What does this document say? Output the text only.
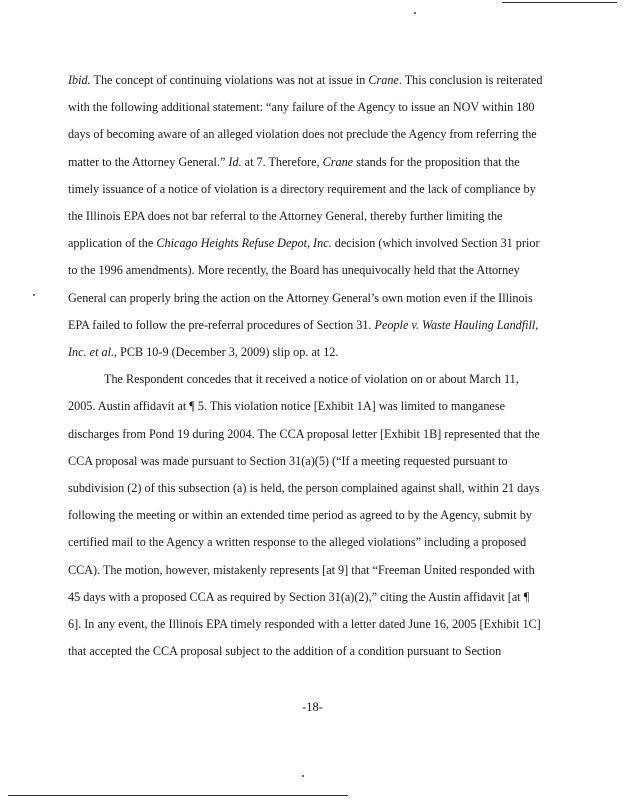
Ibid. The concept of continuing violations was not at issue in Crane. This conclusion is reiterated
with the following additional statement: “any failure of the Agency to issue an NOV within 180
days of becoming aware of an alleged violation does not preclude the Agency from referring the
matter to the Attorney General.” Id. at 7. Therefore, Crane stands for the proposition that the
timely issuance of a notice of violation is a directory requirement and the lack of compliance by
the Illinois EPA does not bar referral to the Attorney General, thereby further limiting the
application of the Chicago Heights Refuse Depot, Inc. decision (which involved Section 31 prior
to the 1996 amendments). More recently, the Board has unequivocally held that the Attorney
General can properly bring the action on the Attorney General’s own motion even if the Illinois
EPA failed to follow the pre-referral procedures of Section 31. People v. Waste Hauling Landfill,
Inc. et al., PCB 10-9 (December 3, 2009) slip op. at 12.
The Respondent concedes that it received a notice of violation on or about March 11,
2005. Austin affidavit at ¶ 5. This violation notice [Exhibit 1A] was limited to manganese
discharges from Pond 19 during 2004. The CCA proposal letter [Exhibit 1B] represented that the
CCA proposal was made pursuant to Section 31(a)(5) (“If a meeting requested pursuant to
subdivision (2) of this subsection (a) is held, the person complained against shall, within 21 days
following the meeting or within an extended time period as agreed to by the Agency, submit by
certified mail to the Agency a written response to the alleged violations” including a proposed
CCA). The motion, however, mistakenly represents [at 9] that “Freeman United responded with
45 days with a proposed CCA as required by Section 31(a)(2),” citing the Austin affidavit [at ¶
6]. In any event, the Illinois EPA timely responded with a letter dated June 16, 2005 [Exhibit 1C]
that accepted the CCA proposal subject to the addition of a condition pursuant to Section
-18-
